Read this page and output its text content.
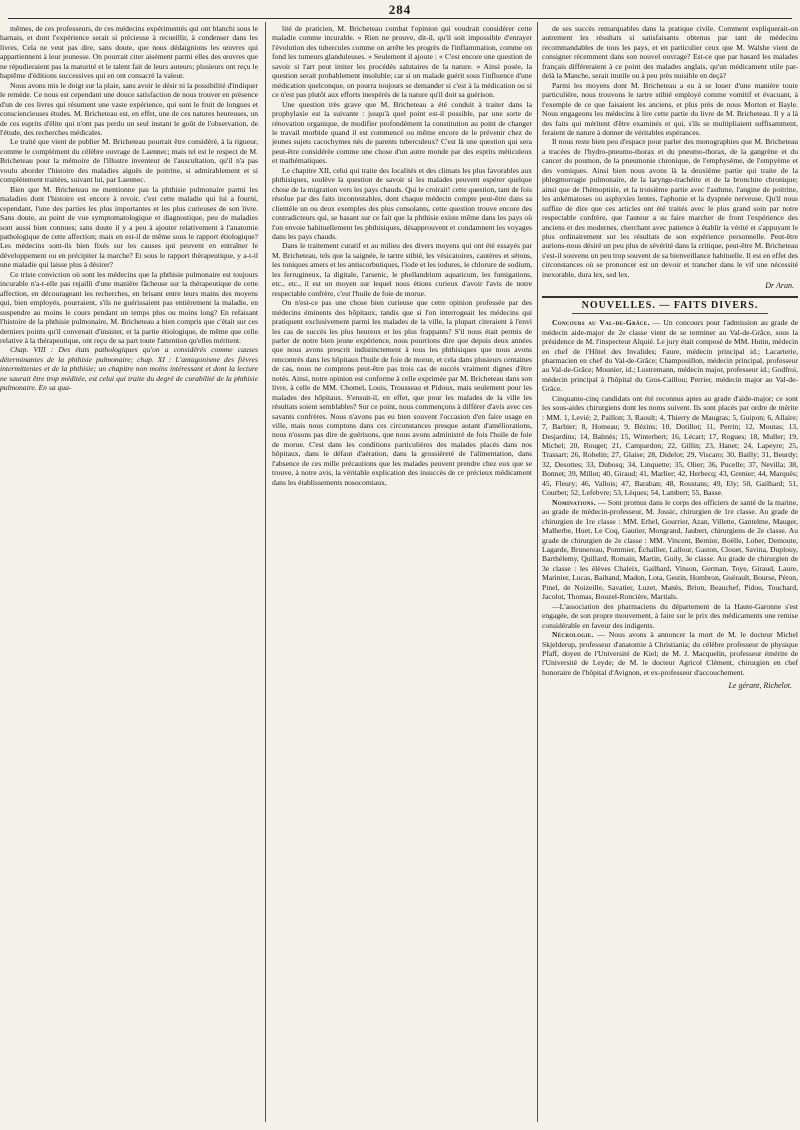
284

mêmes, de ces professeurs, de ces médecins expérimentés qui ont blanchi sous le harnais, et dont l'expérience serait si précieuse à recueillir, à condenser dans les livres. Cela ne veut pas dire, sans doute, que nous dédaignions les œuvres qui appartiennent à leur jeunesse. On pourrait citer aisément parmi elles des œuvres que ne répudieraient pas la maturité et le talent fait de leurs auteurs; plusieurs ont reçu le baptême d'éditions successives qui en ont consacré la valeur.

Nous avons mis le doigt sur la plaie, sans avoir le désir ni la possibilité d'indiquer le remède. Ce nous est cependant une douce satisfaction de nous trouver en présence d'un de ces livres qui résument une vaste expérience, qui sont le fruit de longues et consciencieuses études. M. Bricheteau est, en effet, une de ces natures heureuses, un de ces esprits d'élite qui n'ont pas perdu un seul instant le goût de l'observation, de l'étude, des recherches médicales.

Le traité que vient de publier M. Bricheteau pourrait être considéré, à la rigueur, comme le complément du célèbre ouvrage de Laennec; mais tel est le respect de M. Bricheteau pour la mémoire de l'illustre inventeur de l'auscultation, qu'il n'a pas voulu aborder l'histoire des maladies aiguës de poitrine, si admirablement et si complètement traitées, suivant lui, par Laennec.

Bien que M. Bricheteau ne mentionne pas la phthisie pulmonaire parmi les maladies dont l'histoire est encore à revoir, c'est cette maladie qui lui a fourni, cependant, l'une des parties les plus importantes et les plus curieuses de son livre. Sans doute, au point de vue symptomatologique et diagnostique, peu de maladies sont aussi bien connues; sans doute il y a peu à ajouter relativement à l'anatomie pathologique de cette affection; mais en est-il de même sous le rapport étiologique? Les médecins sont-ils bien fixés sur les causes qui peuvent en entraîner le développement ou en précipiter la marche? Et sous le rapport thérapeutique, y a-t-il une maladie qui laisse plus à désirer?

Ce triste conviction où sont les médecins que la phthisie pulmonaire est toujours incurable n'a-t-elle pas rejailli d'une manière fâcheuse sur la thérapeutique de cette affection, en décourageant les recherches, en brisant entre leurs mains des moyens qui, bien employés, pourraient, s'ils ne guérissaient pas entièrement la maladie, en suspendre au moins le cours pendant un temps plus ou moins long? En refaisant l'histoire de la phthisie pulmonaire, M. Bricheteau a bien compris que c'était sur ces derniers points qu'il convenait d'insister, et la partie étiologique, de même que celle relative à la thérapeutique, ont reçu de sa part toute l'attention qu'elles méritent.

Chap. VIII : Des états pathologiques qu'on a considérés comme causes déterminantes de la phthisie pulmonaire; chap. XI : L'antagonisme des fièvres intermittentes et de la phthisie; un chapitre non moins intéressant et dont la lecture ne saurait être trop méditée, est celui qui traite du degré de curabilité de la phthisie pulmonaire. En sa qua-

lité de praticien, M. Bricheteau combat l'opinion qui voudrait considérer cette maladie comme incurable. « Rien ne prouve, dit-il, qu'il soit impossible d'enrayer l'évolution des tubercules comme on arrête les progrès de l'inflammation, comme on fond les tumeurs glanduleuses. » Seulement il ajoute : « C'est encore une question de savoir si l'art peut imiter les procédés salutaires de la nature. » Ainsi posée, la question serait probablement insoluble; car si un malade guérit sous l'influence d'une médication quelconque, on pourra toujours se demander si c'est à la médication ou si ce n'est pas plutôt aux efforts inespérés de la nature qu'il doit sa guérison.

Une question très grave que M. Bricheteau a été conduit à traiter dans la prophylaxie est la suivante : jusqu'à quel point est-il possible, par une sorte de rénovation organique, de modifier profondément la constitution au point de changer le travail morbide quand il est commencé ou même encore de le prévenir chez de jeunes sujets cacochymes nés de parents tuberculeux? C'est là une question qui sera peut-être considérée comme une chose d'un autre monde par des esprits méticuleux et mathématiques.

Le chapitre XII, celui qui traite des localités et des climats les plus favorables aux phthisiques, soulève la question de savoir si les malades peuvent espérer quelque chose de la migration vers les pays chauds. Qui le croirait! cette question, tant de fois résolue par des faits incontestables, dont chaque médecin compte peut-être dans sa clientèle un ou deux exemples des plus consolants, cette question trouve encore des contradicteurs qui, se basant sur ce fait que la phthisie existe même dans les pays où l'on envoie habituellement les phthisiques, désapprouvent et condamnent les voyages dans les pays chauds.

Dans le traitement curatif et au milieu des divers moyens qui ont été essayés par M. Bricheteau, tels que la saignée, le tartre stibié, les vésicatoires, cautères et sétons, les toniques amers et les antiscorbutiques, l'iode et les iodures, le chlorure de sodium, les ferrugineux, la digitale, l'arsenic, le phellandrium aquaticum, les fumigations, etc., etc., il est un moyen sur lequel nous étions curieux d'avoir l'avis de notre respectable confrère, c'est l'huile de foie de morue.

On n'est-ce pas une chose bien curieuse que cette opinion professée par des médecins éminents des hôpitaux, tandis que si l'on interrogeait les médecins qui pratiquent exclusivement parmi les malades de la ville, la plupart citeraient à l'envi les cas de succès les plus heureux et les plus frappants? S'il nous était permis de parler de notre bien jeune expérience, nous pourrions dire que depuis deux années que nous avons prescrit indistinctement à tous les phthisiques que nous avons rencontrés dans les hôpitaux l'huile de foie de morue, et cela dans plusieurs centaines de cas, nous ne comptons peut-être pas trois cas de succès vraiment dignes d'être notés. Ainsi, notre opinion est conforme à celle exprimée par M. Bricheteau dans son livre, à celle de MM. Chomel, Louis, Trousseau et Pidoux, mais seulement pour les malades des hôpitaux. S'ensuit-il, en effet, que pour les malades de la ville les résultats soient semblables? Sur ce point, nous commençons à différer d'avis avec ces savants confrères. Nous n'avons pas eu bien souvent l'occasion d'en faire usage en ville, mais nous comptons dans ces circonstances presque autant d'améliorations, nous n'osons pas dire de guérisons, que nous avons administré de fois l'huile de foie de morue. C'est dans les conditions particulières des malades placés dans nos hôpitaux, dans le défaut d'aération, dans la grossièreté de l'alimentation, dans l'absence de ces mille précautions que les malades peuvent prendre chez eux que se trouve, à notre avis, la véritable explication des insuccès de ce précieux médicament dans les établissements nosocomiaux,

de ses succès remarquables dans la pratique civile. Comment expliquerait-on autrement les résultats si satisfaisants obtenus par tant de médecins recommandables de tous les pays, et en particulier ceux que M. Walshe vient de consigner récemment dans son nouvel ouvrage? Est-ce que par hasard les malades français différeraient à ce point des malades anglais, qu'un médicament utile par-delà la Manche, serait inutile ou à peu près nuisible en deçà?

Parmi les moyens dont M. Bricheteau a eu à se louer d'une manière toute particulière, nous trouvons le tartre stibié employé comme vomitif et évacuant, à l'exemple de ce que faisaient les anciens, et plus près de nous Morton et Bayle. Nous engageons les médecins à lire cette partie du livre de M. Bricheteau. Il y a là des faits qui méritent d'être examinés et qui, s'ils se multipliaient suffisamment, feraient de nature à donner de véritables espérances.

Il nous reste bien peu d'espace pour parler des monographies que M. Bricheteau a tracées de l'hydro-pneumo-thorax et du pneumo-thorax, de la gangrène et du cancer du poumon, de la pneumonie chronique, de l'emphysème, de l'empyème et des vomiques. Ainsi bien nous avons là la deuxième partie qui traite de la phlegmorragie pulmonaire, de la laryngo-trachéite et de la bronchite chronique; ainsi que de l'hémoptisie, et la troisième partie avec l'asthme, l'angine de poitrine, les ankématoses ou asphyxies lentes, l'aphonie et la dyspnée nerveuse. Qu'il nous suffise de dire que ces articles ont été traités avec le plus grand soin par notre respectable confrère, que l'auteur a su faire marcher de front l'expérience des anciens et des modernes, cherchant avec patience à établir la vérité et s'appuyant le plus ordinairement sur les résultats de son expérience personnelle. Peut-être aurions-nous désiré un peu plus de sévérité dans la critique, peut-être M. Bricheteau s'est-il souvenu un peu trop souvent de sa bienveillance habituelle. Il est en effet des circonstances où se prononcer est un devoir et trancher dans le vif une nécessité inexorable, dura lex, sed lex.

Dr Aran.
NOUVELLES. — FAITS DIVERS.

Concours au Val-de-Grâce. — Un concours pour l'admission au grade de médecin aide-major de 2e classe vient de se terminer au Val-de-Grâce, sous la présidence de M. l'inspecteur Alquié. Le jury était composé de MM. Hutin, médecin en chef de l'Hôtel des Invalides; Faure, médecin principal id.; Lacarterie, pharmacien en chef du Val-de-Grâce; Champouillon, médecin principal, professeur au Val-de-Grâce; Mounier, id.; Lustremann, médecin major, professeur id.; Godfroi, médecin principal à l'hôpital du Gros-Caillou; Perrier, médecin major au Val-de-Grâce.

Cinquante-cinq candidats ont été reconnus aptes au grade d'aide-major; ce sont les sous-aides chirurgiens dont les noms suivent. Ils sont placés par ordre de mérite : MM. 1, Levié; 2, Paillon; 3, Raoult; 4, Thierry de Maugras; 5, Guipon; 6, Allaire; 7, Barbier; 8, Homeau; 9, Bézins; 10, Dotillot; 11, Perrin; 12, Moutas; 13, Desjardins; 14, Balmès; 15, Winterbert; 16, Lécart; 17, Rogues; 18, Muller; 19, Michel; 20, Rouget; 21, Campardon; 22, Gillin; 23, Hanet; 24, Lapeyre; 25, Trassart; 26, Robelin; 27, Glaise; 28, Didelot; 29, Viscaro; 30, Bailly; 31, Beurdy; 32, Desottes; 33, Dubosq; 34, Linquette; 35, Olier; 36, Pucelle; 37, Nevilla; 38, Bonnet; 39, Millot; 40, Giraud; 41, Marlier; 42, Herbecq; 43, Grenier; 44, Marquès; 45, Fleury; 46, Vallois; 47, Baraban; 48, Roustans; 49, Ely; 50, Gailhard; 51, Courbet; 52, Lefebvre; 53, Lèques; 54, Lambert; 55, Basse.

Nominations. — Sont promus dans le corps des officiers de santé de la marine, au grade de médecin-professeur, M. Jossic, chirurgien de 1re classe. Au grade de chirurgien de 1re classe : MM. Erhel, Gourrier, Azan, Villette, Gantelme, Mauger, Malherbe, Huet, Le Coq, Gautier, Mongrand, Jaubert, chirurgiens de 2e classe. Au grade de chirurgien de 2e classe : MM. Vincent, Bernier, Boëlle, Loher, Demoute, Lagarde, Brunereau, Pommier, Échallier, Lallour, Gaston, Clouet, Savina, Duplouy, Barthélemy, Quillard, Romain, Martin, Guily, 3e classe. Au grade de chirurgien de 3e classe : les élèves Chaleix, Gailhard, Vinson, German, Toye, Giraud, Laure, Marinier, Lucas, Baiband, Madon, Lota, Gestin, Hombron, Guérault, Bourse, Péron, Pinel, de Noizeille, Savatier, Luzet, Manès, Brion, Beauchef, Pidou, Touchard, Jacolot, Thomas, Bouzel-Roncière, Martials.

—L'association des pharmaciens du département de la Haute-Garonne s'est engagée, de son propre mouvement, à faire sur le prix des médicaments une remise considérable en faveur des indigents.

Nécrologie. — Nous avons à annoncer la mort de M. le docteur Michel Skjelderup, professeur d'anatomie à Christiania; du célèbre professeur de physique Pfaff, doyen de l'Université de Kiel; de M. J. Macquelin, professeur émérite de l'Université de Leyde; de M. le docteur Agricol Clément, chirurgien en chef honoraire de l'hôpital d'Avignon, et ex-professeur d'accouchement.

Le gérant, Richelot.
